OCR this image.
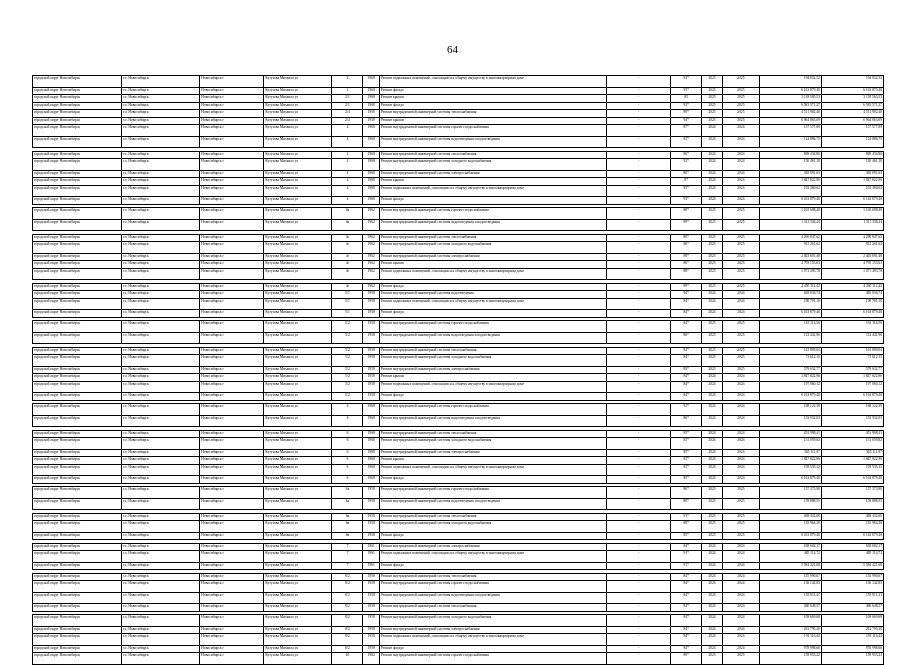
64
городской округ Новосибирск	г.о. Новосибирск	Новосибирск г	Кутузова Михаила ул	2	1968	Ремонт подвальных помещений, относящихся к общему имуществу в многоквартирном доме	-	83*	2025	2025	194 032,52	194 032,52
городской округ Новосибирск	г.о. Новосибирск	Новосибирск г	Кутузова Михаила ул	2	1968	Ремонт фасада	-	93*	2025	2025	6 163 879,40	6 163 879,40
городской округ Новосибирск	г.о. Новосибирск	Новосибирск г	Кутузова Михаила ул	2/1	1968	Ремонт крыши	-	85	2025	2025	3 118 565,53	3 118 565,53
городской округ Новосибирск	г.о. Новосибирск	Новосибирск г	Кутузова Михаила ул	2/1	1968	Ремонт фасада	-	93*	2025	2025	6 583 571,27	6 583 571,27
городской округ Новосибирск	г.о. Новосибирск	Новосибирск г	Кутузова Михаила ул	2/4	1958	Ремонт внутридомовой инженерной системы теплоснабжения	-	89*	2025	2025	4 511 902,40	4 511 902,40
городской округ Новосибирск	г.о. Новосибирск	Новосибирск г	Кутузова Михаила ул	2/4	1958	Ремонт крыши	-	94*	2025	2025	6 964 863,69	6 964 863,69
городской округ Новосибирск	г.о. Новосибирск	Новосибирск г	Кутузова Михаила ул	4	1968	Ремонт внутридомовой инженерной системы горячего водоснабжения	-	87*	2024	2024	157 577,89	157 577,89
городской округ Новосибирск	г.о. Новосибирск	Новосибирск г	Кутузова Михаила ул	4	1968	Ремонт внутридомовой инженерной системы водоотведения и водоотведения	-	83*	2024	2024	124 886,75	124 886,75

городской округ Новосибирск	г.о. Новосибирск	Новосибирск г	Кутузова Михаила ул	4	1968	Ремонт внутридомовой инженерной системы теплоснабжения	-	86*	2024	2024	869 434,86	869 434,86
городской округ Новосибирск	г.о. Новосибирск	Новосибирск г	Кутузова Михаила ул	4	1968	Ремонт внутридомовой инженерной системы холодного водоснабжения	-	92*	2024	2024	130 461,10	130 461,10
городской округ Новосибирск	г.о. Новосибирск	Новосибирск г	Кутузова Михаила ул	4	1968	Ремонт внутридомовой инженерной системы электроснабжения	-	86*	2024	2024	365 091,63	365 091,63
городской округ Новосибирск	г.о. Новосибирск	Новосибирск г	Кутузова Михаила ул	4	1968	Ремонт крыши	-	87	2024	2024	1 847 822,96	1 847 822,96
городской округ Новосибирск	г.о. Новосибирск	Новосибирск г	Кутузова Михаила ул	4	1968	Ремонт подвальных помещений, относящихся к общему имуществу в многоквартирном доме	-	83*	2024	2024	192 360,62	192 360,62
городской округ Новосибирск	г.о. Новосибирск	Новосибирск г	Кутузова Михаила ул	4	1968	Ремонт фасада	-	93*	2024	2024	6 163 879,40	6 163 879,40

городской округ Новосибирск	г.о. Новосибирск	Новосибирск г	Кутузова Михаила ул	4в	1962	Ремонт внутридомовой инженерной системы горячего водоснабжения	-	88*	2025	2025	1 165 698,40	1 165 698,40
городской округ Новосибирск	г.о. Новосибирск	Новосибирск г	Кутузова Михаила ул	4в	1962	Ремонт внутридомовой инженерной системы водоотведения и водоотведения	-	89*	2025	2025	1 311 336,24	1 311 336,24

городской округ Новосибирск	г.о. Новосибирск	Новосибирск г	Кутузова Михаила ул	4г	1962	Ремонт внутридомовой инженерной системы теплоснабжения	-	89*	2025	2025	4 290 847,62	4 290 847,62
городской округ Новосибирск	г.о. Новосибирск	Новосибирск г	Кутузова Михаила ул	4г	1962	Ремонт внутридомовой инженерной системы холодного водоснабжения	-	86*	2025	2025	931 261,62	931 261,62
городской округ Новосибирск	г.о. Новосибирск	Новосибирск г	Кутузова Михаила ул	4г	1962	Ремонт внутридомовой инженерной системы электроснабжения	-	89*	2025	2025	2 403 691,48	2 403 691,48
городской округ Новосибирск	г.о. Новосибирск	Новосибирск г	Кутузова Михаила ул	4г	1962	Ремонт крыши	-	86*	2025	2025	4 795 153,63	4 795 153,63
городской округ Новосибирск	г.о. Новосибирск	Новосибирск г	Кутузова Михаила ул	4г	1962	Ремонт подвальных помещений, относящихся к общему имуществу в многоквартирном доме	-	88*	2025	2025	1 071 493,78	1 071 493,78

городской округ Новосибирск	г.о. Новосибирск	Новосибирск г	Кутузова Михаила ул	4г	1962	Ремонт фасада	-	89*	2025	2025	4 450 112,42	4 450 112,42
городской округ Новосибирск	г.о. Новосибирск	Новосибирск г	Кутузова Михаила ул	5/1	1958	Ремонт внутридомовой инженерной системы водоотведения	-	94*	2024	2024	465 036,74	465 036,74
городской округ Новосибирск	г.о. Новосибирск	Новосибирск г	Кутузова Михаила ул	5/1	1958	Ремонт подвальных помещений, относящихся к общему имуществу в многоквартирном доме	-	84*	2024	2024	190 701,10	190 701,10
городской округ Новосибирск	г.о. Новосибирск	Новосибирск г	Кутузова Михаила ул	5/1	1958	Ремонт фасада	-	84*	2024	2024	6 163 879,40	6 163 879,40

городской округ Новосибирск	г.о. Новосибирск	Новосибирск г	Кутузова Михаила ул	5/2	1958	Ремонт внутридомовой инженерной системы горячего водоснабжения	-	84*	2025	2025	161 114,56	161 114,56
городской округ Новосибирск	г.о. Новосибирск	Новосибирск г	Кутузова Михаила ул	5/2	1958	Ремонт внутридомовой инженерной системы водоотведения и водоотведения	-	86*	2025	2025	112 441,96	112 441,96

городской округ Новосибирск	г.о. Новосибирск	Новосибирск г	Кутузова Михаила ул	5/2	1958	Ремонт внутридомовой инженерной системы теплоснабжения	-	84*	2025	2025	161 809,04	161 809,04
городской округ Новосибирск	г.о. Новосибирск	Новосибирск г	Кутузова Михаила ул	5/2	1958	Ремонт внутридомовой инженерной системы холодного водоснабжения	-	84*	2025	2025	71 612,15	71 612,15
городской округ Новосибирск	г.о. Новосибирск	Новосибирск г	Кутузова Михаила ул	5/2	1958	Ремонт внутридомовой инженерной системы электроснабжения	-	83*	2025	2025	579 632,77	579 632,77
городской округ Новосибирск	г.о. Новосибирск	Новосибирск г	Кутузова Михаила ул	5/2	1958	Ремонт крыши	-	84*	2024	2024	1 847 822,96	1 847 822,96
городской округ Новосибирск	г.о. Новосибирск	Новосибирск г	Кутузова Михаила ул	5/2	1958	Ремонт подвальных помещений, относящихся к общему имуществу в многоквартирном доме	-	84*	2024	2024	197 060,12	197 060,12
городской округ Новосибирск	г.о. Новосибирск	Новосибирск г	Кутузова Михаила ул	5/2	1958	Ремонт фасада	-	84*	2024	2024	6 163 879,40	6 163 879,40

городской округ Новосибирск	г.о. Новосибирск	Новосибирск г	Кутузова Михаила ул	6	1968	Ремонт внутридомовой инженерной системы горячего водоснабжения	-	92*	2024	2024	168 122,39	168 122,39
городской округ Новосибирск	г.о. Новосибирск	Новосибирск г	Кутузова Михаила ул	6	1968	Ремонт внутридомовой инженерной системы водоотведения и водоотведения	-	86*	2024	2024	153 932,03	153 932,03

городской округ Новосибирск	г.о. Новосибирск	Новосибирск г	Кутузова Михаила ул	6	1968	Ремонт внутридомовой инженерной системы теплоснабжения	-	85*	2024	2024	451 998,41	451 998,41
городской округ Новосибирск	г.о. Новосибирск	Новосибирск г	Кутузова Михаила ул	6	1968	Ремонт внутридомовой инженерной системы холодного водоснабжения	-	83*	2024	2024	131 059,82	131 059,82
городской округ Новосибирск	г.о. Новосибирск	Новосибирск г	Кутузова Михаила ул	6	1968	Ремонт внутридомовой инженерной системы электроснабжения	-	85*	2024	2024	365 111,97	365 111,97
городской округ Новосибирск	г.о. Новосибирск	Новосибирск г	Кутузова Михаила ул	6	1968	Ремонт крыши	-	83*	2024	2024	1 847 822,96	1 847 822,96
городской округ Новосибирск	г.о. Новосибирск	Новосибирск г	Кутузова Михаила ул	6	1968	Ремонт подвальных помещений, относящихся к общему имуществу в многоквартирном доме	-	83*	2024	2024	195 535,12	195 535,12
городской округ Новосибирск	г.о. Новосибирск	Новосибирск г	Кутузова Михаила ул	6	1968	Ремонт фасада	-	85*	2024	2024	6 163 879,40	6 163 879,40

городской округ Новосибирск	г.о. Новосибирск	Новосибирск г	Кутузова Михаила ул	6а	1958	Ремонт внутридомовой инженерной системы горячего водоснабжения	-	86*	2025	2025	157 373,90	157 373,90
городской округ Новосибирск	г.о. Новосибирск	Новосибирск г	Кутузова Михаила ул	6а	1958	Ремонт внутридомовой инженерной системы водоотведения и водоотведения	-	89*	2025	2025	159 888,55	159 888,55

городской округ Новосибирск	г.о. Новосибирск	Новосибирск г	Кутузова Михаила ул	6в	1958	Ремонт внутридомовой инженерной системы теплоснабжения	-	91*	2025	2025	469 432,60	469 432,60
городской округ Новосибирск	г.о. Новосибирск	Новосибирск г	Кутузова Михаила ул	6в	1958	Ремонт внутридомовой инженерной системы холодного водоснабжения	-	88*	2025	2025	135 964,30	135 964,30
городской округ Новосибирск	г.о. Новосибирск	Новосибирск г	Кутузова Михаила ул	6в	1958	Ремонт фасада	-	85*	2025	2025	6 163 879,40	6 163 879,40

городской округ Новосибирск	г.о. Новосибирск	Новосибирск г	Кутузова Михаила ул	7	1961	Ремонт внутридомовой инженерной системы электроснабжения	-	84*	2024	2024	638 602,17	638 602,17
городской округ Новосибирск	г.о. Новосибирск	Новосибирск г	Кутузова Михаила ул	7	1961	Ремонт подвальных помещений, относящихся к общему имуществу в многоквартирном доме	-	91*	2024	2024	485 114,72	485 114,72
городской округ Новосибирск	г.о. Новосибирск	Новосибирск г	Кутузова Михаила ул	7	1961	Ремонт фасада	-	81*	2024	2024	5 584 421,68	5 584 421,68

городской округ Новосибирск	г.о. Новосибирск	Новосибирск г	Кутузова Михаила ул	8/2	1958	Ремонт внутридомовой инженерной системы теплоснабжения	-	84*	2024	2024	155 990,67	155 990,67
городской округ Новосибирск	г.о. Новосибирск	Новосибирск г	Кутузова Михаила ул	8/2	1958	Ремонт внутридомовой инженерной системы горячего водоснабжения	-	84*	2024	2024	136 142,83	136 142,83
городской округ Новосибирск	г.о. Новосибирск	Новосибирск г	Кутузова Михаила ул	8/2	1958	Ремонт внутридомовой инженерной системы водоотведения и водоотведения	-	84*	2024	2024	155 911,41	155 911,41
городской округ Новосибирск	г.о. Новосибирск	Новосибирск г	Кутузова Михаила ул	8/2	1958	Ремонт внутридомовой инженерной системы теплоснабжения	-	84*	2024	2024	460 648,57	460 648,57

городской округ Новосибирск	г.о. Новосибирск	Новосибирск г	Кутузова Михаила ул	8/2	1958	Ремонт внутридомовой инженерной системы холодного водоснабжения	-	84*	2024	2024	109 669,68	109 669,68
городской округ Новосибирск	г.о. Новосибирск	Новосибирск г	Кутузова Михаила ул	8/2	1958	Ремонт внутридомовой инженерной системы электроснабжения	-	84*	2024	2024	261 795,20	261 795,20
городской округ Новосибирск	г.о. Новосибирск	Новосибирск г	Кутузова Михаила ул	8/2	1958	Ремонт подвальных помещений, относящихся к общему имуществу в многоквартирном доме	-	84*	2024	2024	191 116,42	191 116,42
городской округ Новосибирск	г.о. Новосибирск	Новосибирск г	Кутузова Михаила ул	8/2	1958	Ремонт фасада	-	84*	2024	2024	970 998,66	970 998,66
городской округ Новосибирск	г.о. Новосибирск	Новосибирск г	Кутузова Михаила ул	4б	1962	Ремонт внутридомовой инженерной системы горячего водоснабжения	-	89*	2025	2025	159 953,22	159 953,22
